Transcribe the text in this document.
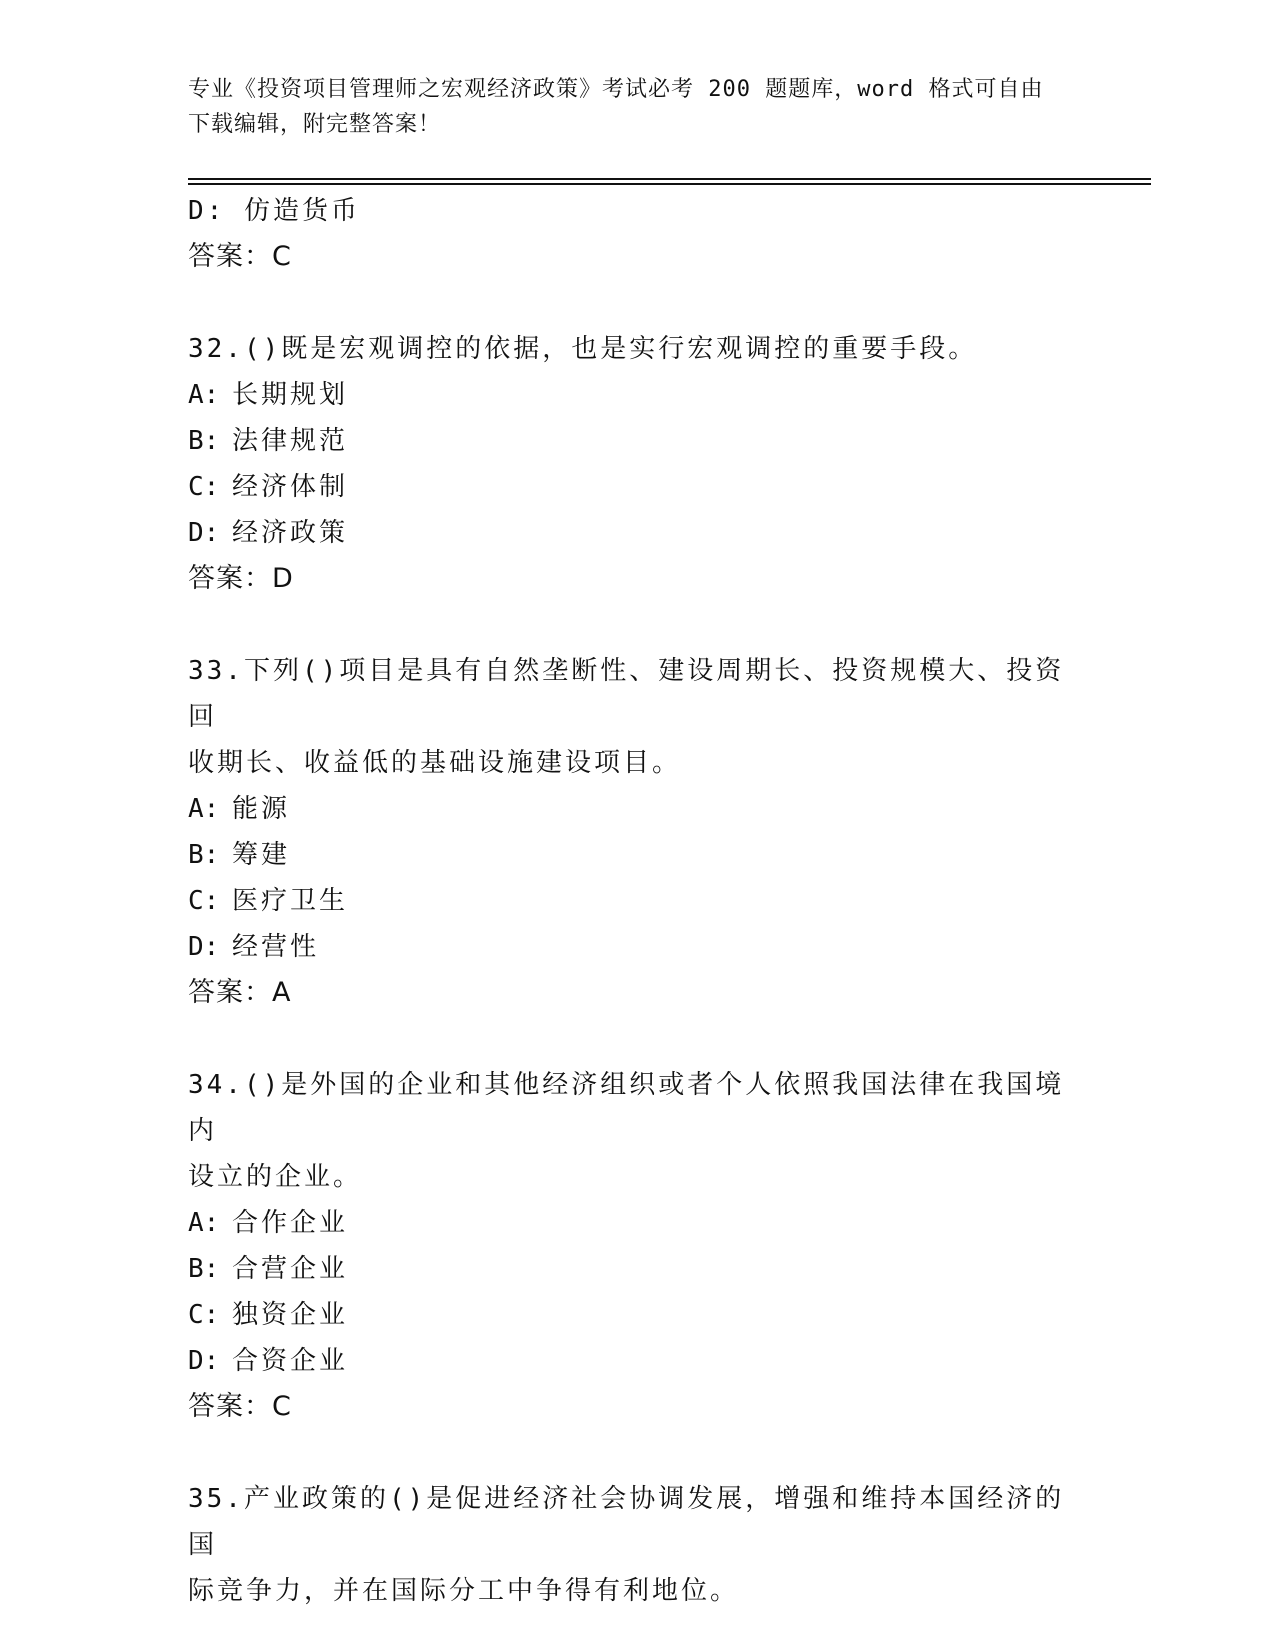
专业《投资项目管理师之宏观经济政策》考试必考 200 题题库，word 格式可自由
下载编辑，附完整答案！
D: 仿造货币
答案：C
32.()既是宏观调控的依据，也是实行宏观调控的重要手段。
A: 长期规划
B: 法律规范
C: 经济体制
D: 经济政策
答案：D
33.下列()项目是具有自然垄断性、建设周期长、投资规模大、投资回
收期长、收益低的基础设施建设项目。
A: 能源
B: 筹建
C: 医疗卫生
D: 经营性
答案：A
34.()是外国的企业和其他经济组织或者个人依照我国法律在我国境内
设立的企业。
A: 合作企业
B: 合营企业
C: 独资企业
D: 合资企业
答案：C
35.产业政策的()是促进经济社会协调发展，增强和维持本国经济的国
际竞争力，并在国际分工中争得有利地位。
